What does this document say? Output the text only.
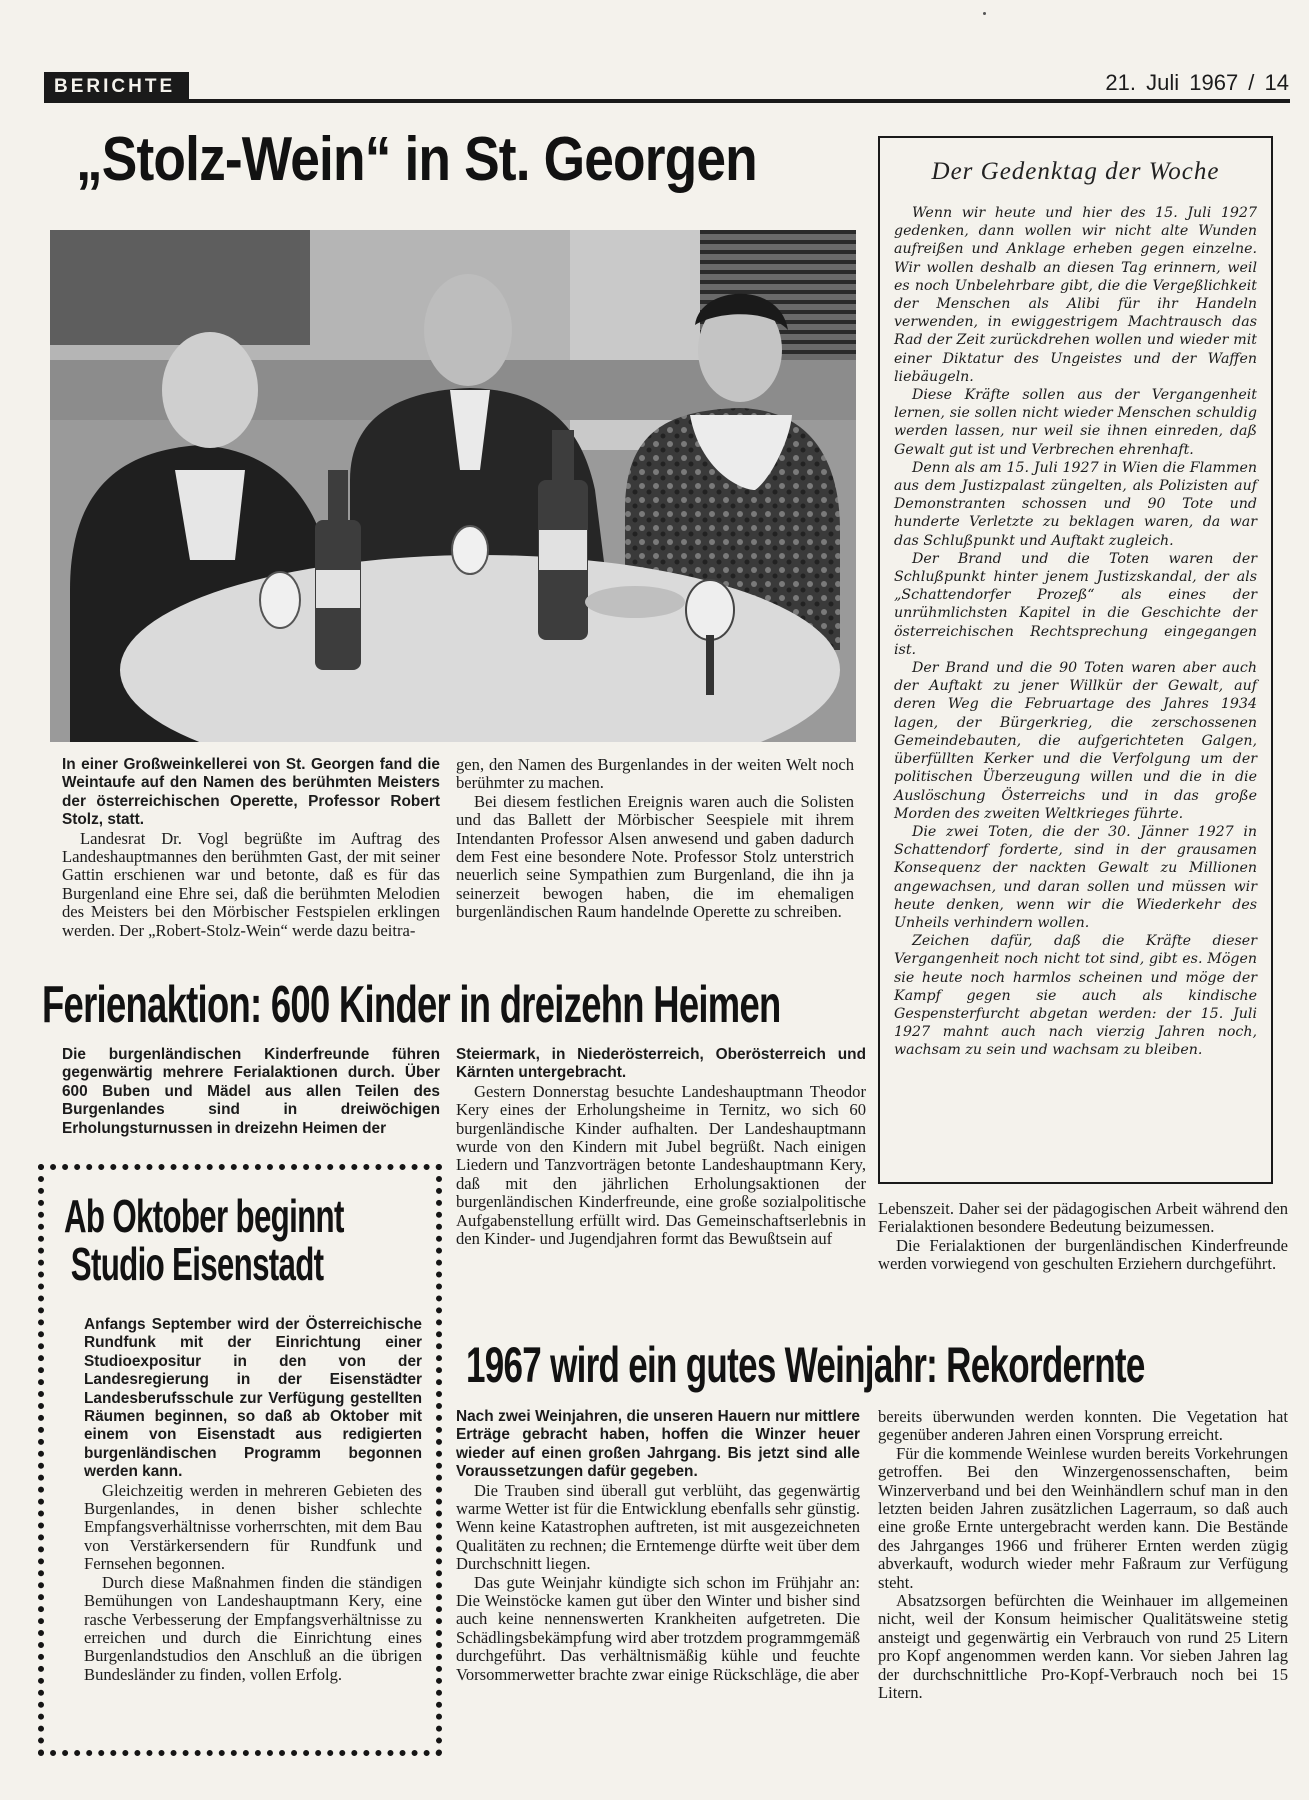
BERICHTE	21. Juli 1967 / 14
„Stolz-Wein“ in St. Georgen

In einer Großweinkellerei von St. Georgen fand die Weintaufe auf den Namen des berühmten Meisters der österreichischen Operette, Professor Robert Stolz, statt.

Landesrat Dr. Vogl begrüßte im Auftrag des Landeshauptmannes den berühmten Gast, der mit seiner Gattin erschienen war und betonte, daß es für das Burgenland eine Ehre sei, daß die berühmten Melodien des Meisters bei den Mörbischer Festspielen erklingen werden. Der „Robert-Stolz-Wein“ werde dazu beitra-

gen, den Namen des Burgenlandes in der weiten Welt noch berühmter zu machen.

Bei diesem festlichen Ereignis waren auch die Solisten und das Ballett der Mörbischer Seespiele mit ihrem Intendanten Professor Alsen anwesend und gaben dadurch dem Fest eine besondere Note. Professor Stolz unterstrich neuerlich seine Sympathien zum Burgenland, die ihn ja seinerzeit bewogen haben, die im ehemaligen burgenländischen Raum handelnde Operette zu schreiben.

Der Gedenktag der Woche

Wenn wir heute und hier des 15. Juli 1927 gedenken, dann wollen wir nicht alte Wunden aufreißen und Anklage erheben gegen einzelne. Wir wollen deshalb an diesen Tag erinnern, weil es noch Unbelehrbare gibt, die die Vergeßlichkeit der Menschen als Alibi für ihr Handeln verwenden, in ewiggestrigem Machtrausch das Rad der Zeit zurückdrehen wollen und wieder mit einer Diktatur des Ungeistes und der Waffen liebäugeln.

Diese Kräfte sollen aus der Vergangenheit lernen, sie sollen nicht wieder Menschen schuldig werden lassen, nur weil sie ihnen einreden, daß Gewalt gut ist und Verbrechen ehrenhaft.

Denn als am 15. Juli 1927 in Wien die Flammen aus dem Justizpalast züngelten, als Polizisten auf Demonstranten schossen und 90 Tote und hunderte Verletzte zu beklagen waren, da war das Schlußpunkt und Auftakt zugleich.

Der Brand und die Toten waren der Schlußpunkt hinter jenem Justizskandal, der als „Schattendorfer Prozeß“ als eines der unrühmlichsten Kapitel in die Geschichte der österreichischen Rechtsprechung eingegangen ist.

Der Brand und die 90 Toten waren aber auch der Auftakt zu jener Willkür der Gewalt, auf deren Weg die Februartage des Jahres 1934 lagen, der Bürgerkrieg, die zerschossenen Gemeindebauten, die aufgerichteten Galgen, überfüllten Kerker und die Verfolgung um der politischen Überzeugung willen und die in die Auslöschung Österreichs und in das große Morden des zweiten Weltkrieges führte.

Die zwei Toten, die der 30. Jänner 1927 in Schattendorf forderte, sind in der grausamen Konsequenz der nackten Gewalt zu Millionen angewachsen, und daran sollen und müssen wir heute denken, wenn wir die Wiederkehr des Unheils verhindern wollen.

Zeichen dafür, daß die Kräfte dieser Vergangenheit noch nicht tot sind, gibt es. Mögen sie heute noch harmlos scheinen und möge der Kampf gegen sie auch als kindische Gespensterfurcht abgetan werden: der 15. Juli 1927 mahnt auch nach vierzig Jahren noch, wachsam zu sein und wachsam zu bleiben.

Ferienaktion: 600 Kinder in dreizehn Heimen

Die burgenländischen Kinderfreunde führen gegenwärtig mehrere Ferialaktionen durch. Über 600 Buben und Mädel aus allen Teilen des Burgenlandes sind in dreiwöchigen Erholungsturnussen in dreizehn Heimen der

Steiermark, in Niederösterreich, Oberösterreich und Kärnten untergebracht.

Gestern Donnerstag besuchte Landeshauptmann Theodor Kery eines der Erholungsheime in Ternitz, wo sich 60 burgenländische Kinder aufhalten. Der Landeshauptmann wurde von den Kindern mit Jubel begrüßt. Nach einigen Liedern und Tanzvorträgen betonte Landeshauptmann Kery, daß mit den jährlichen Erholungsaktionen der burgenländischen Kinderfreunde, eine große sozialpolitische Aufgabenstellung erfüllt wird. Das Gemeinschaftserlebnis in den Kinder- und Jugendjahren formt das Bewußtsein auf

Lebenszeit. Daher sei der pädagogischen Arbeit während den Ferialaktionen besondere Bedeutung beizumessen.

Die Ferialaktionen der burgenländischen Kinderfreunde werden vorwiegend von geschulten Erziehern durchgeführt.

Anfangs September wird der Österreichische Rundfunk mit der Einrichtung einer Studioexpositur in den von der Landesregierung in der Eisenstädter Landesberufsschule zur Verfügung gestellten Räumen beginnen, so daß ab Oktober mit einem von Eisenstadt aus redigierten burgenländischen Programm begonnen werden kann.

Gleichzeitig werden in mehreren Gebieten des Burgenlandes, in denen bisher schlechte Empfangsverhältnisse vorherrschten, mit dem Bau von Verstärkersendern für Rundfunk und Fernsehen begonnen.

Durch diese Maßnahmen finden die ständigen Bemühungen von Landeshauptmann Kery, eine rasche Verbesserung der Empfangsverhältnisse zu erreichen und durch die Einrichtung eines Burgenlandstudios den Anschluß an die übrigen Bundesländer zu finden, vollen Erfolg.

Ab Oktober beginnt
Studio Eisenstadt
1967 wird ein gutes Weinjahr: Rekordernte

Nach zwei Weinjahren, die unseren Hauern nur mittlere Erträge gebracht haben, hoffen die Winzer heuer wieder auf einen großen Jahrgang. Bis jetzt sind alle Voraussetzungen dafür gegeben.

Die Trauben sind überall gut verblüht, das gegenwärtig warme Wetter ist für die Entwicklung ebenfalls sehr günstig. Wenn keine Katastrophen auftreten, ist mit ausgezeichneten Qualitäten zu rechnen; die Erntemenge dürfte weit über dem Durchschnitt liegen.

Das gute Weinjahr kündigte sich schon im Frühjahr an: Die Weinstöcke kamen gut über den Winter und bisher sind auch keine nennenswerten Krankheiten aufgetreten. Die Schädlingsbekämpfung wird aber trotzdem programmgemäß durchgeführt. Das verhältnismäßig kühle und feuchte Vorsommerwetter brachte zwar einige Rückschläge, die aber

bereits überwunden werden konnten. Die Vegetation hat gegenüber anderen Jahren einen Vorsprung erreicht.

Für die kommende Weinlese wurden bereits Vorkehrungen getroffen. Bei den Winzergenossenschaften, beim Winzerverband und bei den Weinhändlern schuf man in den letzten beiden Jahren zusätzlichen Lagerraum, so daß auch eine große Ernte untergebracht werden kann. Die Bestände des Jahrganges 1966 und früherer Ernten werden zügig abverkauft, wodurch wieder mehr Faßraum zur Verfügung steht.

Absatzsorgen befürchten die Weinhauer im allgemeinen nicht, weil der Konsum heimischer Qualitätsweine stetig ansteigt und gegenwärtig ein Verbrauch von rund 25 Litern pro Kopf angenommen werden kann. Vor sieben Jahren lag der durchschnittliche Pro-Kopf-Verbrauch noch bei 15 Litern.
